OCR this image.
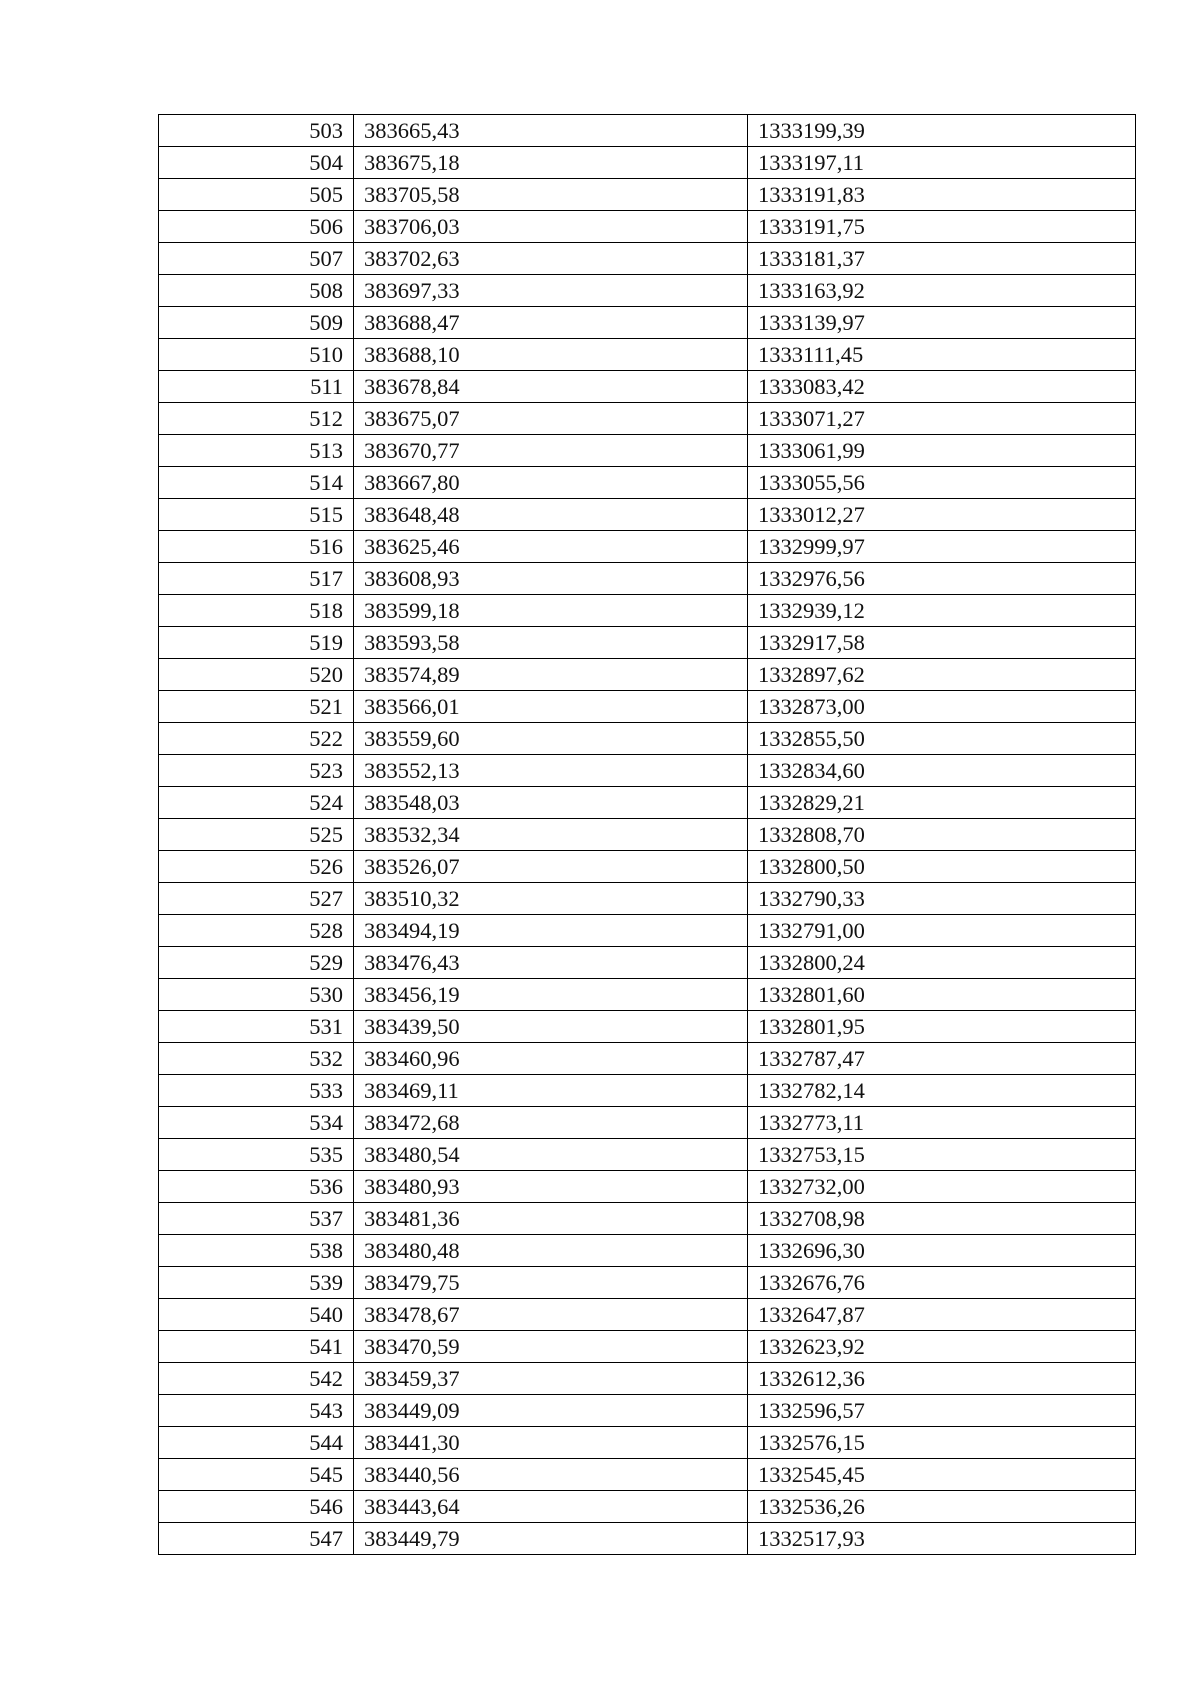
503	383665,43	1333199,39
504	383675,18	1333197,11
505	383705,58	1333191,83
506	383706,03	1333191,75
507	383702,63	1333181,37
508	383697,33	1333163,92
509	383688,47	1333139,97
510	383688,10	1333111,45
511	383678,84	1333083,42
512	383675,07	1333071,27
513	383670,77	1333061,99
514	383667,80	1333055,56
515	383648,48	1333012,27
516	383625,46	1332999,97
517	383608,93	1332976,56
518	383599,18	1332939,12
519	383593,58	1332917,58
520	383574,89	1332897,62
521	383566,01	1332873,00
522	383559,60	1332855,50
523	383552,13	1332834,60
524	383548,03	1332829,21
525	383532,34	1332808,70
526	383526,07	1332800,50
527	383510,32	1332790,33
528	383494,19	1332791,00
529	383476,43	1332800,24
530	383456,19	1332801,60
531	383439,50	1332801,95
532	383460,96	1332787,47
533	383469,11	1332782,14
534	383472,68	1332773,11
535	383480,54	1332753,15
536	383480,93	1332732,00
537	383481,36	1332708,98
538	383480,48	1332696,30
539	383479,75	1332676,76
540	383478,67	1332647,87
541	383470,59	1332623,92
542	383459,37	1332612,36
543	383449,09	1332596,57
544	383441,30	1332576,15
545	383440,56	1332545,45
546	383443,64	1332536,26
547	383449,79	1332517,93
